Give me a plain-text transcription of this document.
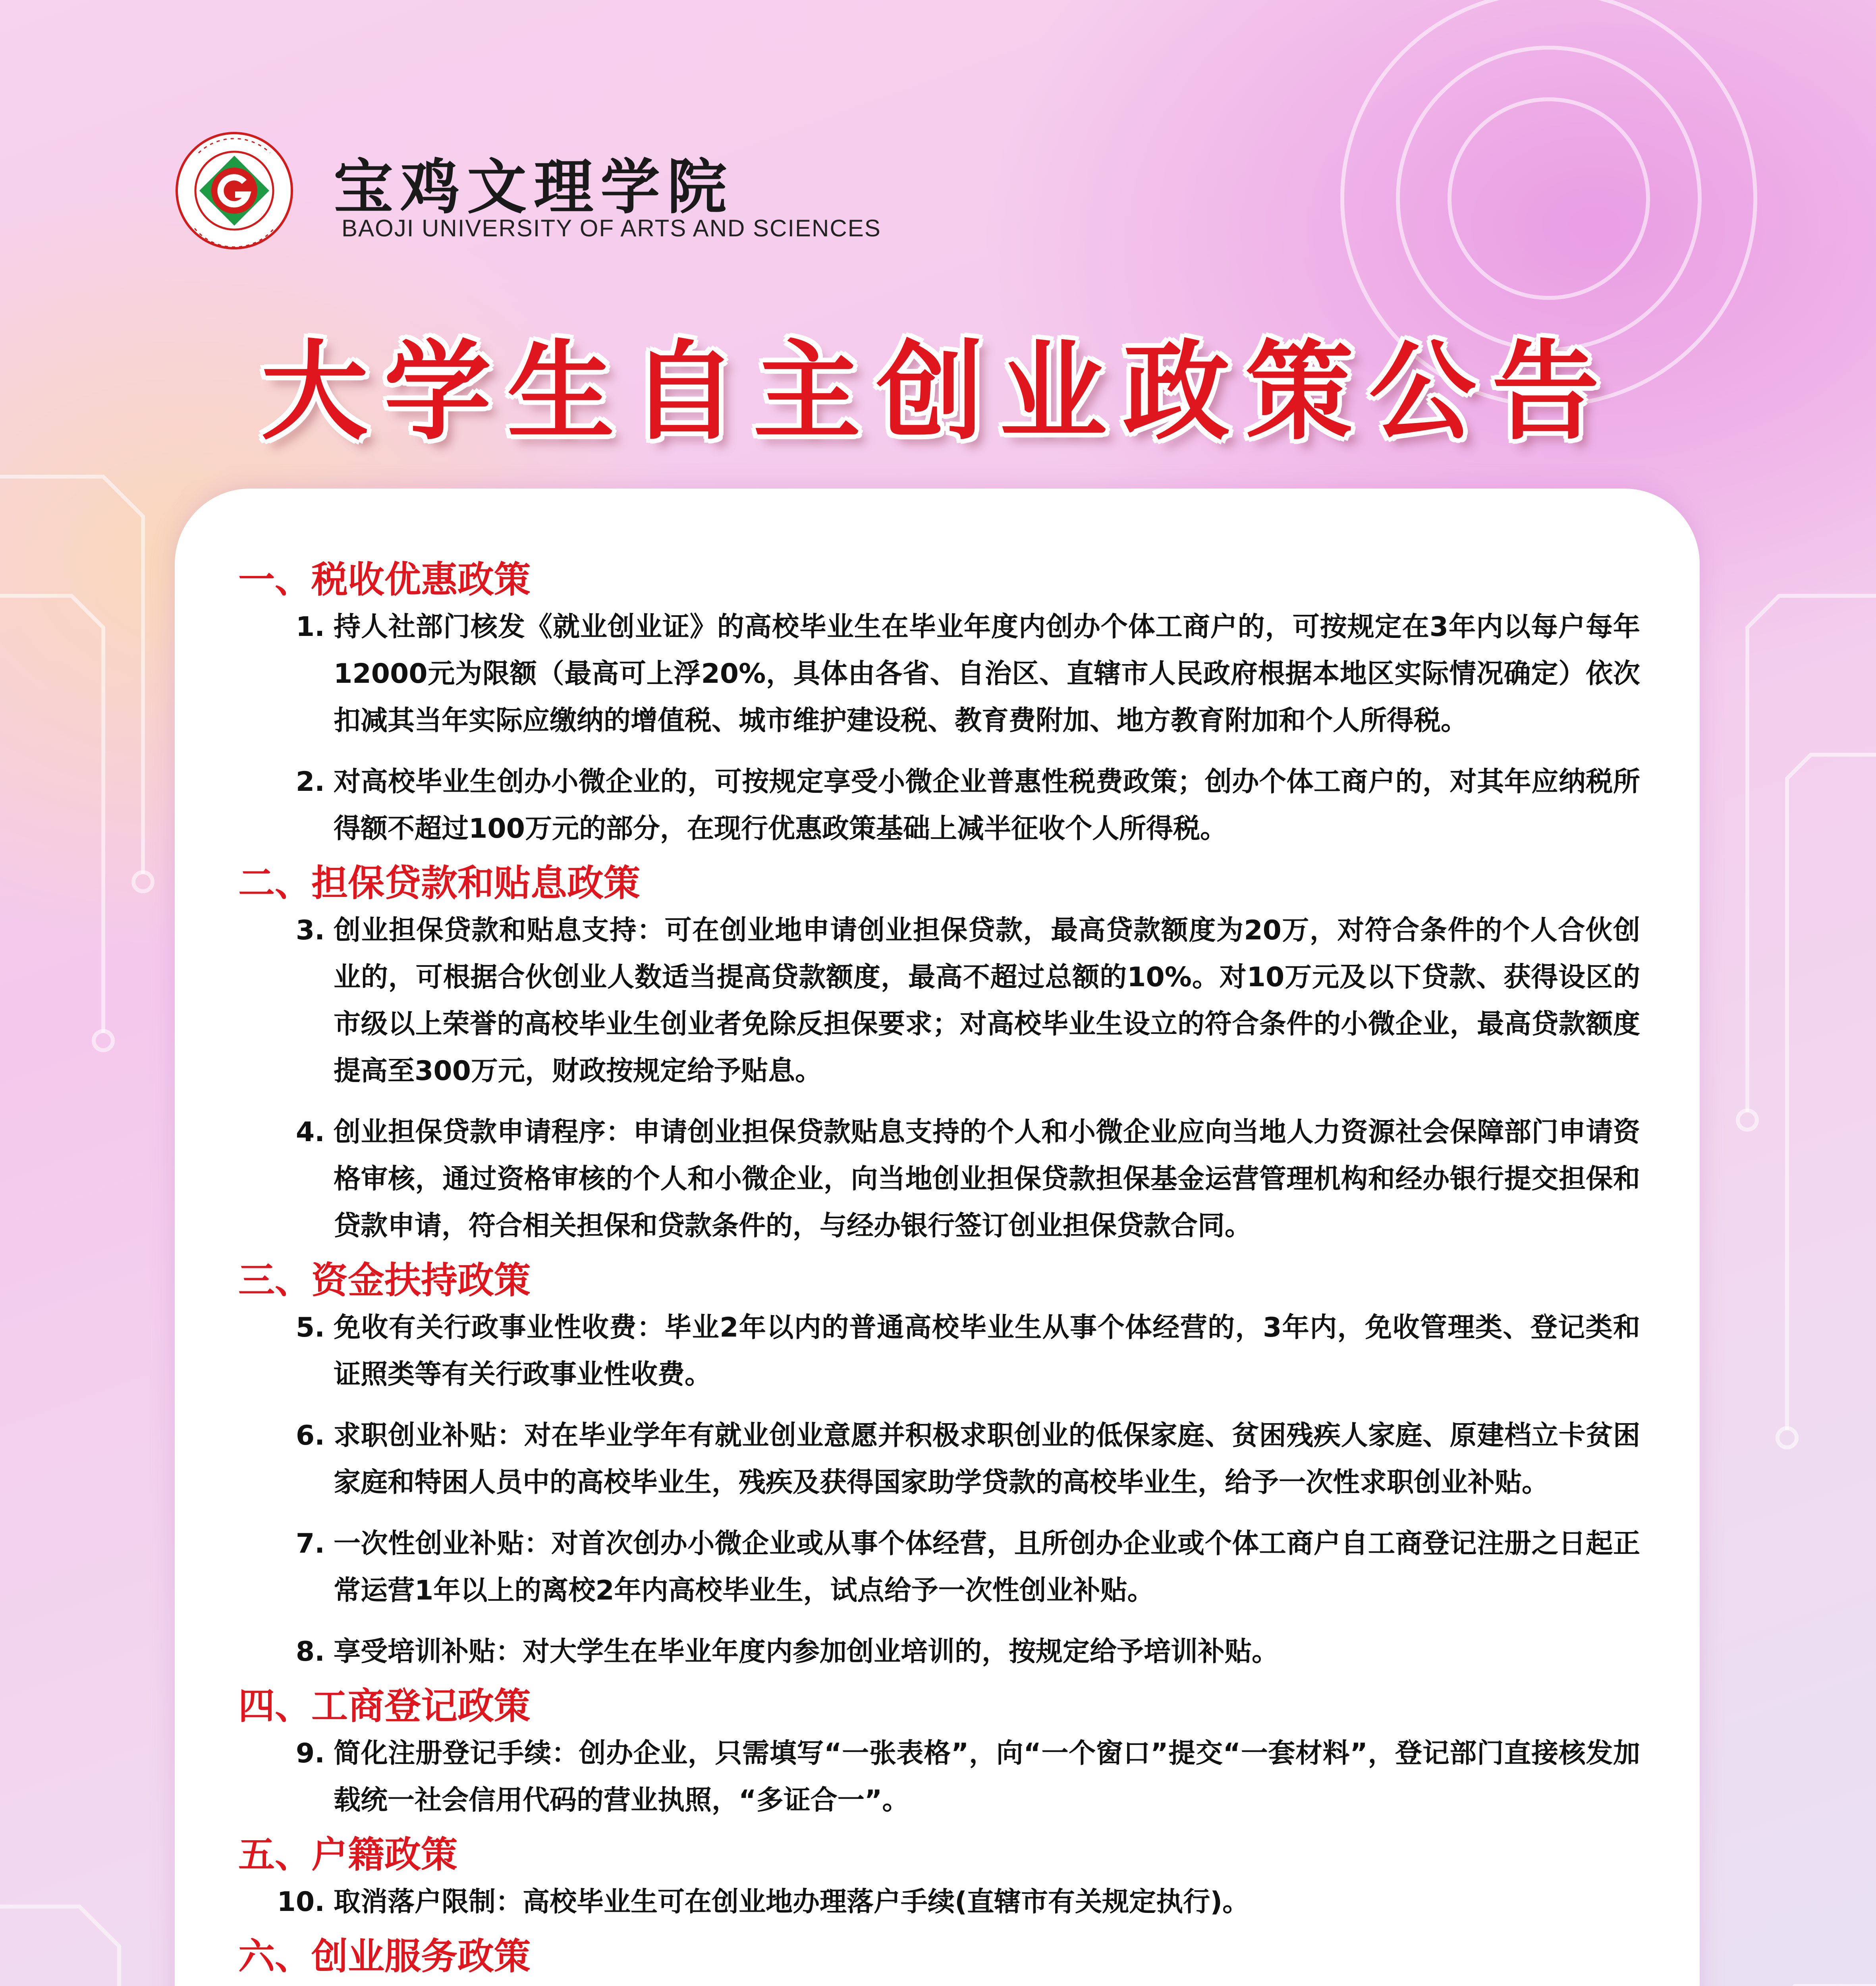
宝鸡文理学院
BAOJI UNIVERSITY OF ARTS AND SCIENCES
大学生自主创业政策公告
一、税收优惠政策
1. 持人社部门核发《就业创业证》的高校毕业生在毕业年度内创办个体工商户的，可按规定在3年内以每户每年12000元为限额（最高可上浮20%，具体由各省、自治区、直辖市人民政府根据本地区实际情况确定）依次扣减其当年实际应缴纳的增值税、城市维护建设税、教育费附加、地方教育附加和个人所得税。
2. 对高校毕业生创办小微企业的，可按规定享受小微企业普惠性税费政策；创办个体工商户的，对其年应纳税所得额不超过100万元的部分，在现行优惠政策基础上减半征收个人所得税。
二、担保贷款和贴息政策
3. 创业担保贷款和贴息支持：可在创业地申请创业担保贷款，最高贷款额度为20万，对符合条件的个人合伙创业的，可根据合伙创业人数适当提高贷款额度，最高不超过总额的10%。对10万元及以下贷款、获得设区的市级以上荣誉的高校毕业生创业者免除反担保要求；对高校毕业生设立的符合条件的小微企业，最高贷款额度提高至300万元，财政按规定给予贴息。
4. 创业担保贷款申请程序：申请创业担保贷款贴息支持的个人和小微企业应向当地人力资源社会保障部门申请资格审核，通过资格审核的个人和小微企业，向当地创业担保贷款担保基金运营管理机构和经办银行提交担保和贷款申请，符合相关担保和贷款条件的，与经办银行签订创业担保贷款合同。
三、资金扶持政策
5. 免收有关行政事业性收费：毕业2年以内的普通高校毕业生从事个体经营的，3年内，免收管理类、登记类和证照类等有关行政事业性收费。
6. 求职创业补贴：对在毕业学年有就业创业意愿并积极求职创业的低保家庭、贫困残疾人家庭、原建档立卡贫困家庭和特困人员中的高校毕业生，残疾及获得国家助学贷款的高校毕业生，给予一次性求职创业补贴。
7. 一次性创业补贴：对首次创办小微企业或从事个体经营，且所创办企业或个体工商户自工商登记注册之日起正常运营1年以上的离校2年内高校毕业生，试点给予一次性创业补贴。
8. 享受培训补贴：对大学生在毕业年度内参加创业培训的，按规定给予培训补贴。
四、工商登记政策
9. 简化注册登记手续：创办企业，只需填写“一张表格”，向“一个窗口”提交“一套材料”，登记部门直接核发加载统一社会信用代码的营业执照，“多证合一”。
五、户籍政策
10. 取消落户限制：高校毕业生可在创业地办理落户手续(直辖市有关规定执行)。
六、创业服务政策
